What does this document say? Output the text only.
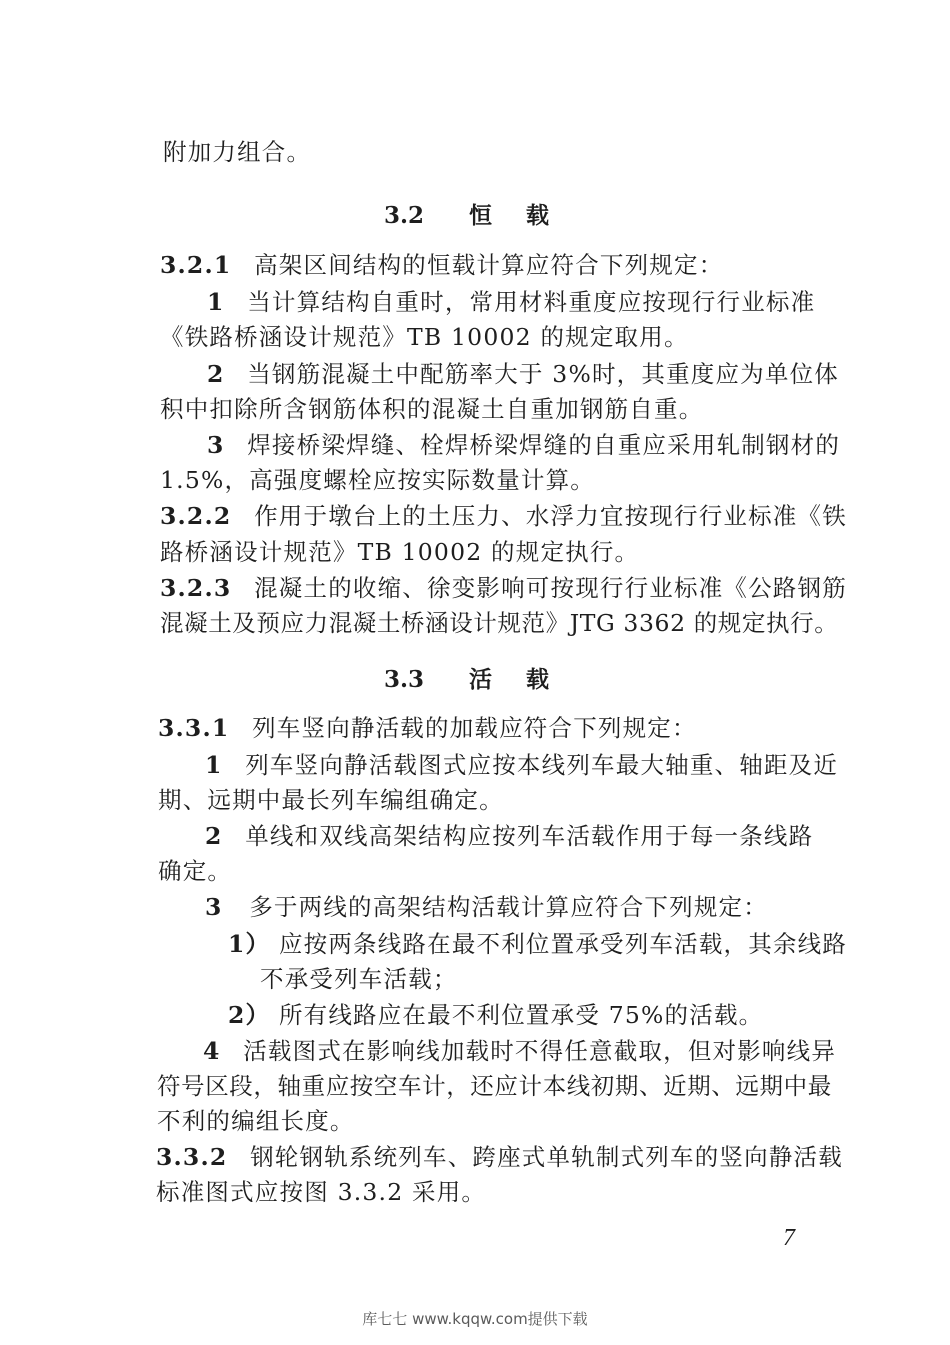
附加力组合。
3.2 恒 载
3.2.1 高架区间结构的恒载计算应符合下列规定：
1 当计算结构自重时，常用材料重度应按现行行业标准
《铁路桥涵设计规范》TB 10002 的规定取用。
2 当钢筋混凝土中配筋率大于 3%时，其重度应为单位体
积中扣除所含钢筋体积的混凝土自重加钢筋自重。
3 焊接桥梁焊缝、栓焊桥梁焊缝的自重应采用轧制钢材的
1.5%，高强度螺栓应按实际数量计算。
3.2.2 作用于墩台上的土压力、水浮力宜按现行行业标准《铁
路桥涵设计规范》TB 10002 的规定执行。
3.2.3 混凝土的收缩、徐变影响可按现行行业标准《公路钢筋
混凝土及预应力混凝土桥涵设计规范》JTG 3362 的规定执行。
3.3 活 载
3.3.1 列车竖向静活载的加载应符合下列规定：
1 列车竖向静活载图式应按本线列车最大轴重、轴距及近
期、远期中最长列车编组确定。
2 单线和双线高架结构应按列车活载作用于每一条线路
确定。
3 多于两线的高架结构活载计算应符合下列规定：
1） 应按两条线路在最不利位置承受列车活载，其余线路
不承受列车活载；
2） 所有线路应在最不利位置承受 75%的活载。
4 活载图式在影响线加载时不得任意截取，但对影响线异
符号区段，轴重应按空车计，还应计本线初期、近期、远期中最
不利的编组长度。
3.3.2 钢轮钢轨系统列车、跨座式单轨制式列车的竖向静活载
标准图式应按图 3.3.2 采用。
7
库七七 www.kqqw.com提供下载
